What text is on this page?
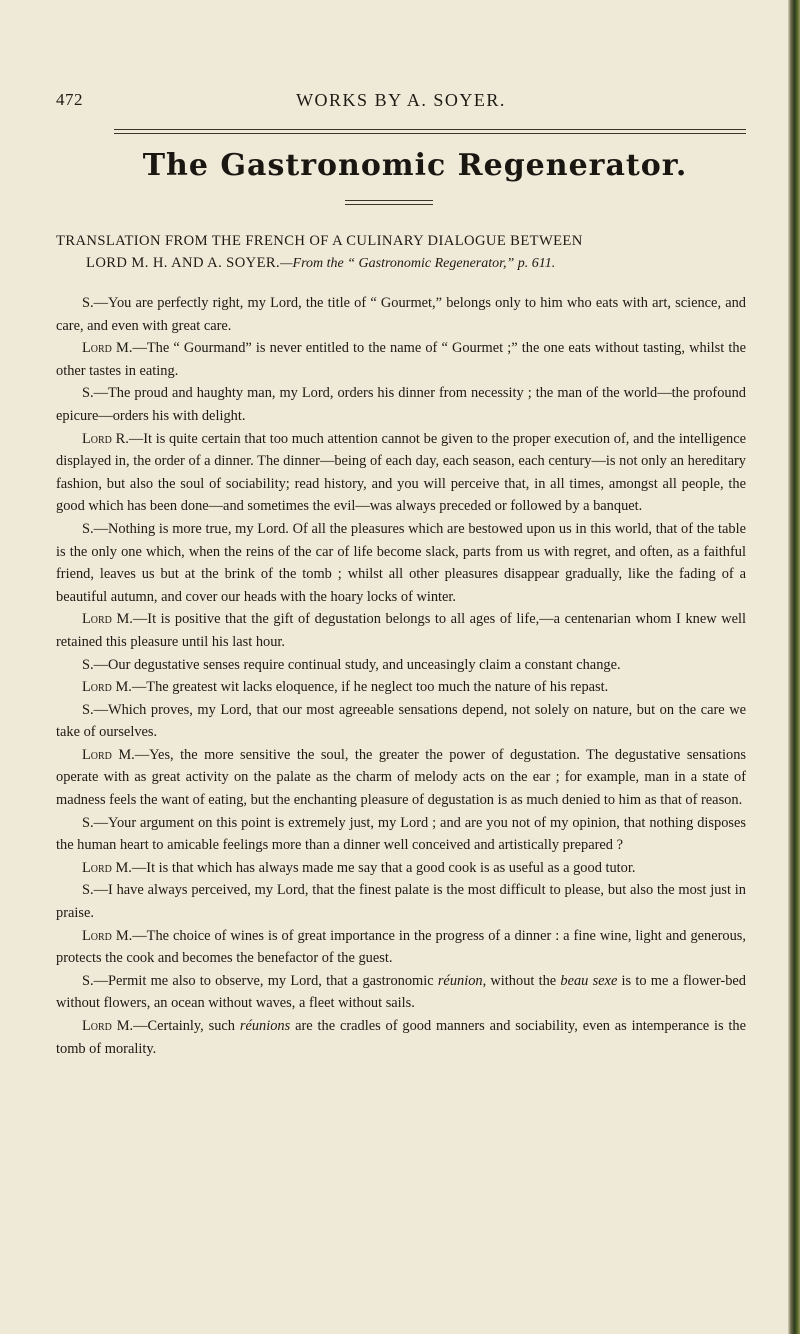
472	WORKS BY A. SOYER.
The Gastronomic Regenerator.
TRANSLATION FROM THE FRENCH OF A CULINARY DIALOGUE BETWEEN
LORD M. H. AND A. SOYER.—From the “ Gastronomic Regenerator,” p. 611.

S.—You are perfectly right, my Lord, the title of “ Gourmet,” belongs only to him who eats with art, science, and care, and even with great care.

Lord M.—The “ Gourmand” is never entitled to the name of “ Gourmet ;” the one eats without tasting, whilst the other tastes in eating.

S.—The proud and haughty man, my Lord, orders his dinner from necessity ; the man of the world—the profound epicure—orders his with delight.

Lord R.—It is quite certain that too much attention cannot be given to the proper execution of, and the intelligence displayed in, the order of a dinner. The dinner—being of each day, each season, each century—is not only an hereditary fashion, but also the soul of sociability; read history, and you will perceive that, in all times, amongst all people, the good which has been done—and sometimes the evil—was always preceded or followed by a banquet.

S.—Nothing is more true, my Lord. Of all the pleasures which are bestowed upon us in this world, that of the table is the only one which, when the reins of the car of life become slack, parts from us with regret, and often, as a faithful friend, leaves us but at the brink of the tomb ; whilst all other pleasures disappear gradually, like the fading of a beautiful autumn, and cover our heads with the hoary locks of winter.

Lord M.—It is positive that the gift of degustation belongs to all ages of life,—a centenarian whom I knew well retained this pleasure until his last hour.

S.—Our degustative senses require continual study, and unceasingly claim a constant change.

Lord M.—The greatest wit lacks eloquence, if he neglect too much the nature of his repast.

S.—Which proves, my Lord, that our most agreeable sensations depend, not solely on nature, but on the care we take of ourselves.

Lord M.—Yes, the more sensitive the soul, the greater the power of degustation. The degustative sensations operate with as great activity on the palate as the charm of melody acts on the ear ; for example, man in a state of madness feels the want of eating, but the enchanting pleasure of degustation is as much denied to him as that of reason.

S.—Your argument on this point is extremely just, my Lord ; and are you not of my opinion, that nothing disposes the human heart to amicable feelings more than a dinner well conceived and artistically prepared ?

Lord M.—It is that which has always made me say that a good cook is as useful as a good tutor.

S.—I have always perceived, my Lord, that the finest palate is the most difficult to please, but also the most just in praise.

Lord M.—The choice of wines is of great importance in the progress of a dinner : a fine wine, light and generous, protects the cook and becomes the benefactor of the guest.

S.—Permit me also to observe, my Lord, that a gastronomic réunion, without the beau sexe is to me a flower-bed without flowers, an ocean without waves, a fleet without sails.

Lord M.—Certainly, such réunions are the cradles of good manners and sociability, even as intemperance is the tomb of morality.
